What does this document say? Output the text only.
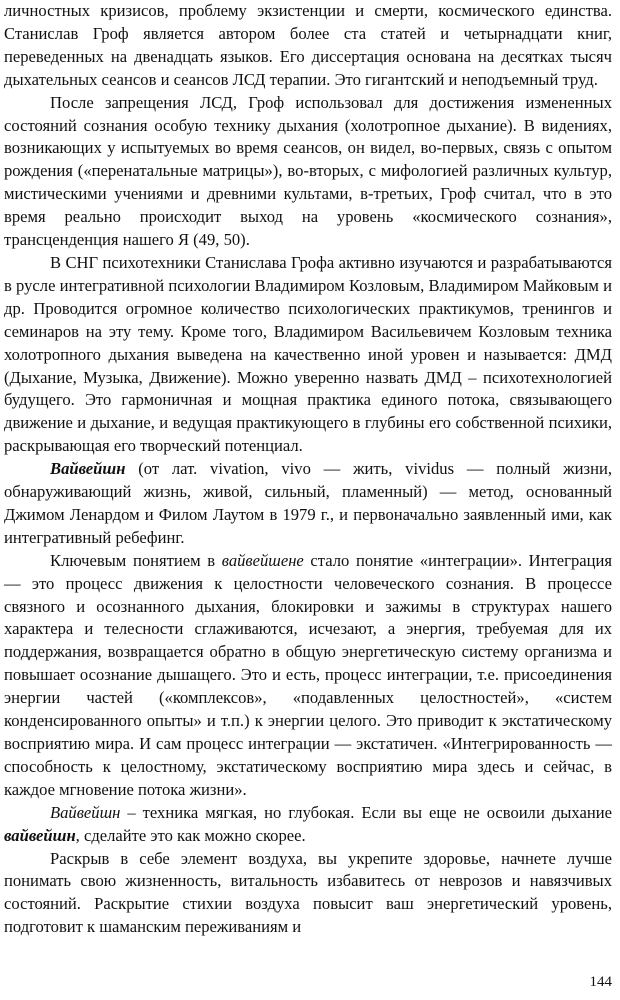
личностных кризисов, проблему экзистенции и смерти, космического единства. Станислав Гроф является автором более ста статей и четырнадцати книг, переведенных на двенадцать языков. Его диссертация основана на десятках тысяч дыхательных сеансов и сеансов ЛСД терапии. Это гигантский и неподъемный труд.

После запрещения ЛСД, Гроф использовал для достижения измененных состояний сознания особую технику дыхания (холотропное дыхание). В видениях, возникающих у испытуемых во время сеансов, он видел, во-первых, связь с опытом рождения («перенатальные матрицы»), во-вторых, с мифологией различных культур, мистическими учениями и древними культами, в-третьих, Гроф считал, что в это время реально происходит выход на уровень «космического сознания», трансценденция нашего Я (49, 50).

В СНГ психотехники Станислава Грофа активно изучаются и разрабатываются в русле интегративной психологии Владимиром Козловым, Владимиром Майковым и др. Проводится огромное количество психологических практикумов, тренингов и семинаров на эту тему. Кроме того, Владимиром Васильевичем Козловым техника холотропного дыхания выведена на качественно иной уровен и называется: ДМД (Дыхание, Музыка, Движение). Можно уверенно назвать ДМД – психотехнологией будущего. Это гармоничная и мощная практика единого потока, связывающего движение и дыхание, и ведущая практикующего в глубины его собственной психики, раскрывающая его творческий потенциал.

Вайвейшн (от лат. vivation, vivo — жить, vividus — полный жизни, обнаруживающий жизнь, живой, сильный, пламенный) — метод, основанный Джимом Ленардом и Филом Лаутом в 1979 г., и первоначально заявленный ими, как интегративный ребефинг.

Ключевым понятием в вайвейшене стало понятие «интеграции». Интеграция — это процесс движения к целостности человеческого сознания. В процессе связного и осознанного дыхания, блокировки и зажимы в структурах нашего характера и телесности сглаживаются, исчезают, а энергия, требуемая для их поддержания, возвращается обратно в общую энергетическую систему организма и повышает осознание дышащего. Это и есть, процесс интеграции, т.е. присоединения энергии частей («комплексов», «подавленных целостностей», «систем конденсированного опыты» и т.п.) к энергии целого. Это приводит к экстатическому восприятию мира. И сам процесс интеграции — экстатичен. «Интегрированность — способность к целостному, экстатическому восприятию мира здесь и сейчас, в каждое мгновение потока жизни».

Вайвейшн – техника мягкая, но глубокая. Если вы еще не освоили дыхание вайвейшн, сделайте это как можно скорее.

Раскрыв в себе элемент воздуха, вы укрепите здоровье, начнете лучше понимать свою жизненность, витальность избавитесь от неврозов и навязчивых состояний. Раскрытие стихии воздуха повысит ваш энергетический уровень, подготовит к шаманским переживаниям и

144
